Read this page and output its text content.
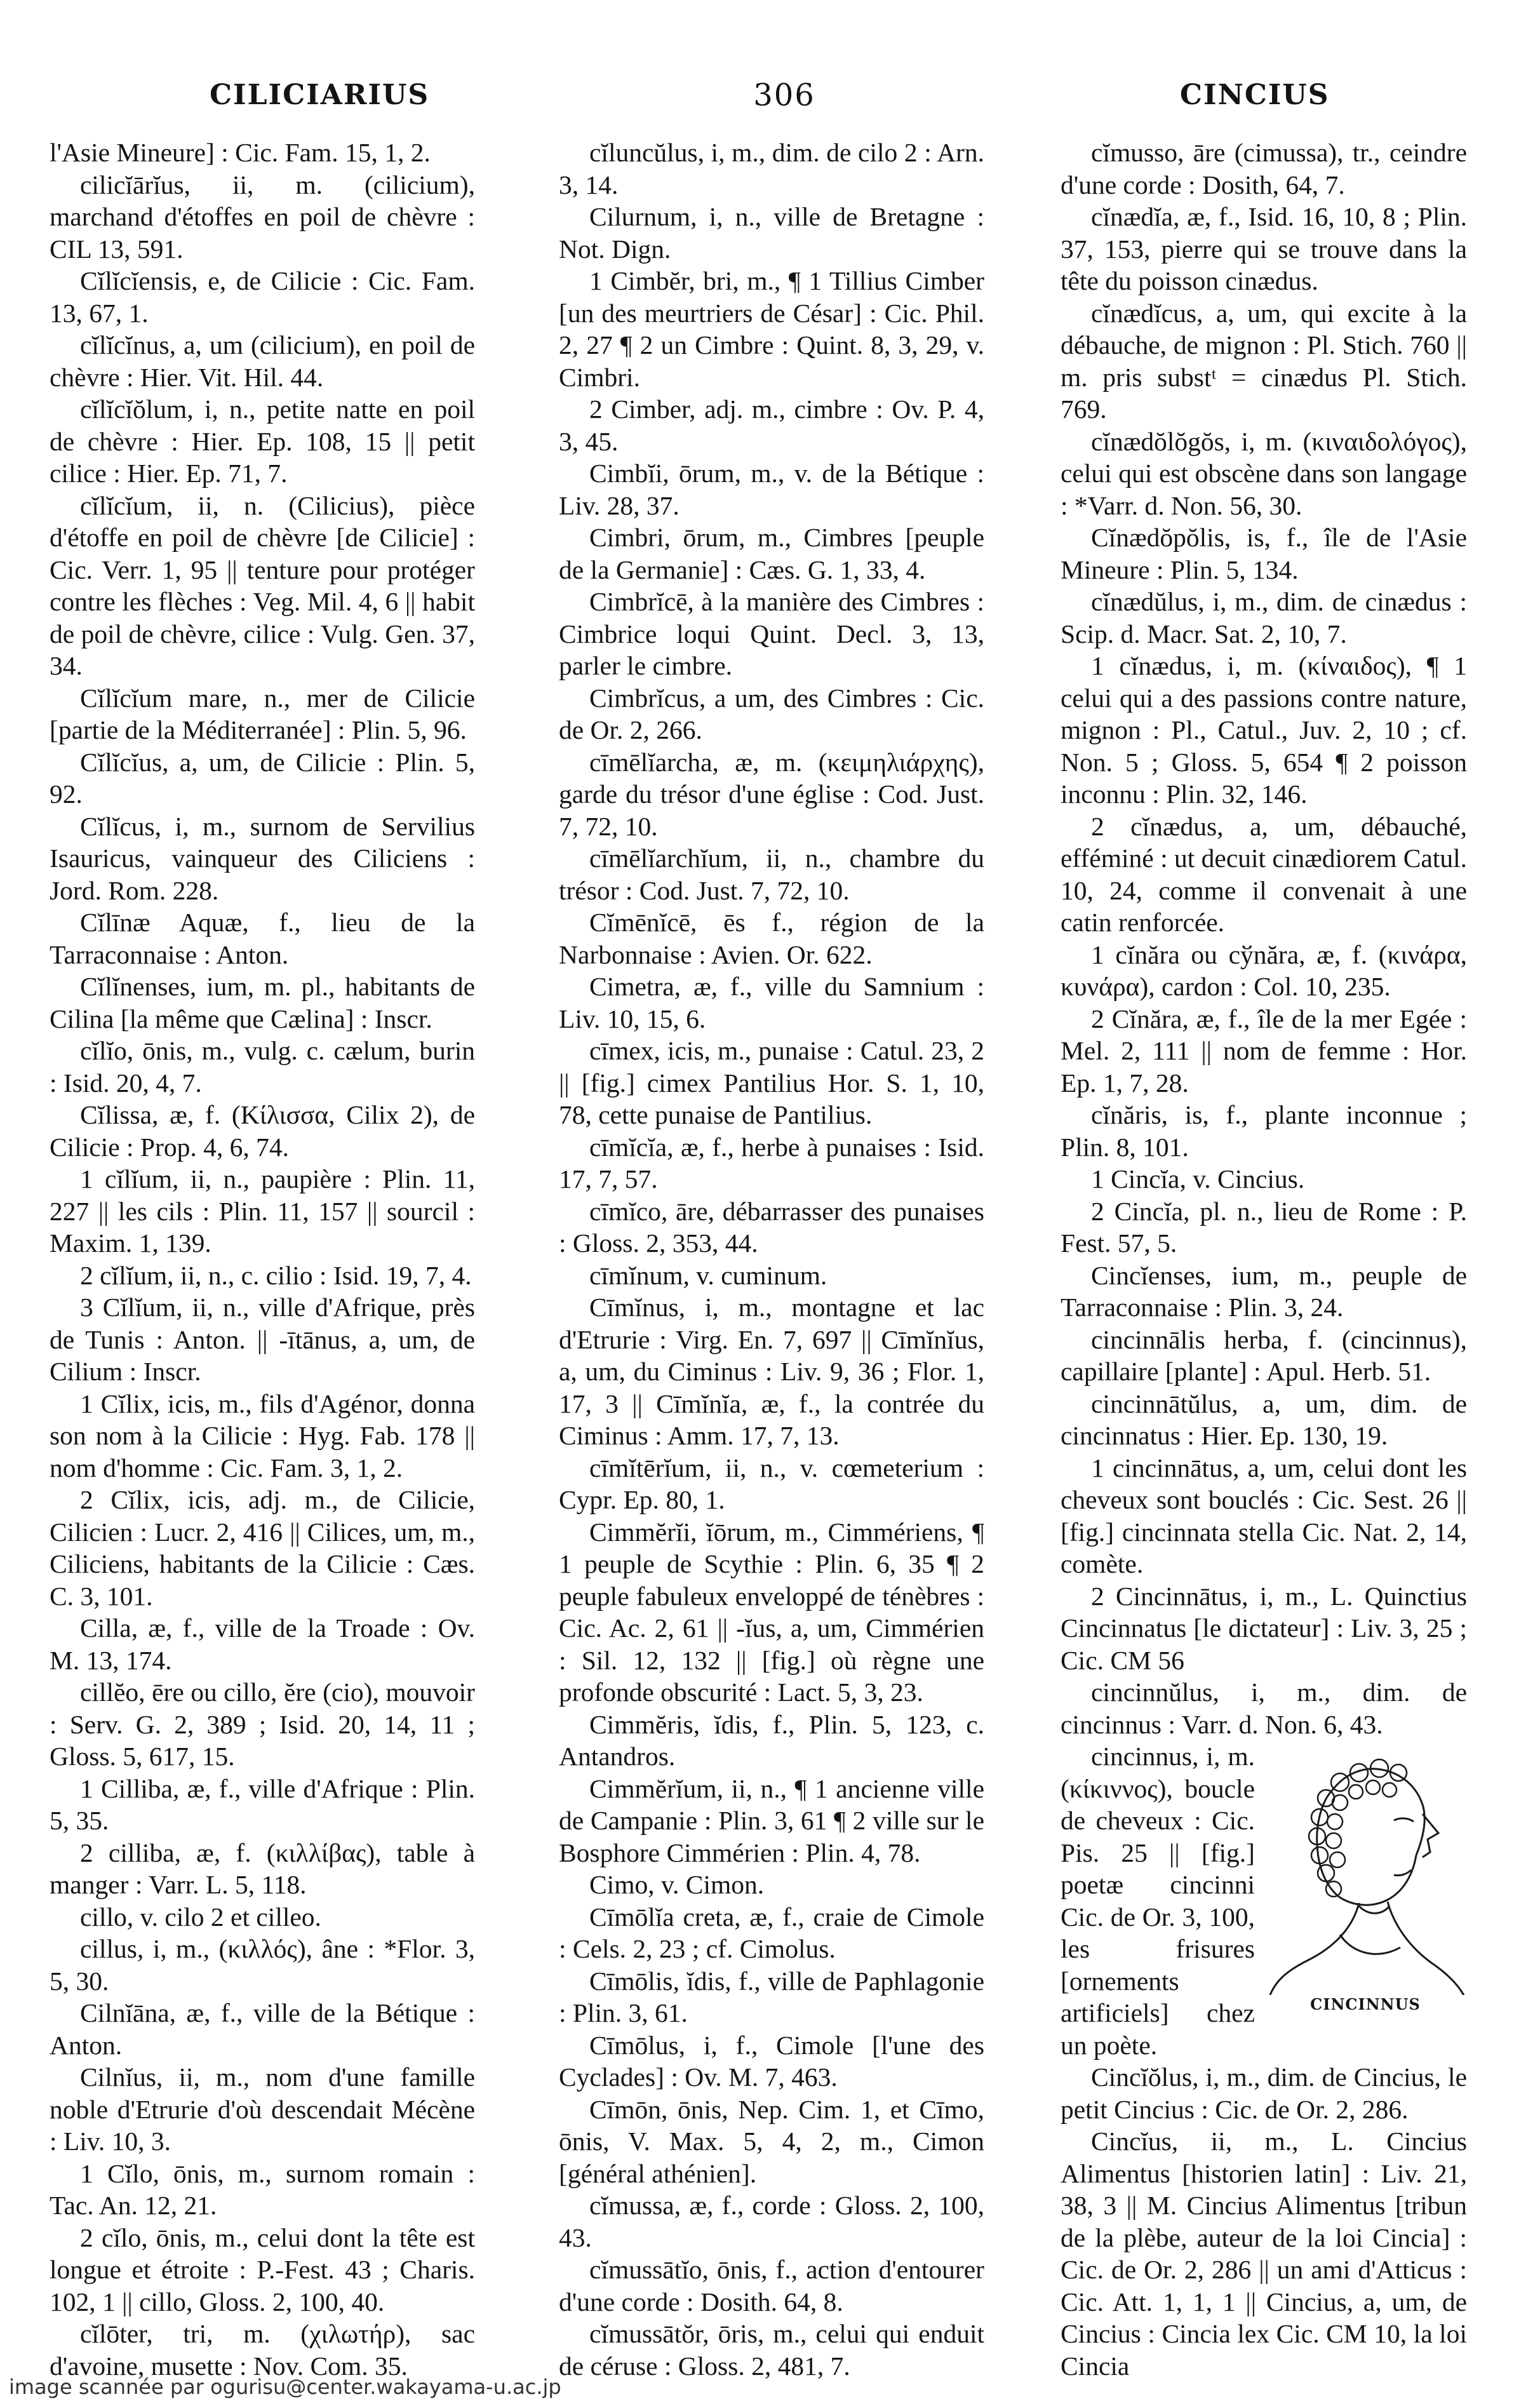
CILICIARIUS	306	CINCIUS

l'Asie Mineure] : Cic. Fam. 15, 1, 2.

cilicĭārĭus, ii, m. (cilicium), marchand d'étoffes en poil de chèvre : CIL 13, 591.

Cĭlĭcĭensis, e, de Cilicie : Cic. Fam. 13, 67, 1.

cĭlĭcĭnus, a, um (cilicium), en poil de chèvre : Hier. Vit. Hil. 44.

cĭlĭcĭŏlum, i, n., petite natte en poil de chèvre : Hier. Ep. 108, 15 || petit cilice : Hier. Ep. 71, 7.

cĭlĭcĭum, ii, n. (Cilicius), pièce d'étoffe en poil de chèvre [de Cilicie] : Cic. Verr. 1, 95 || tenture pour protéger contre les flèches : Veg. Mil. 4, 6 || habit de poil de chèvre, cilice : Vulg. Gen. 37, 34.

Cĭlĭcĭum mare, n., mer de Cilicie [partie de la Méditerranée] : Plin. 5, 96.

Cĭlĭcĭus, a, um, de Cilicie : Plin. 5, 92.

Cĭlĭcus, i, m., surnom de Servilius Isauricus, vainqueur des Ciliciens : Jord. Rom. 228.

Cĭlīnæ Aquæ, f., lieu de la Tarraconnaise : Anton.

Cĭlĭnenses, ium, m. pl., habitants de Cilina [la même que Cælina] : Inscr.

cĭlĭo, ōnis, m., vulg. c. cælum, burin : Isid. 20, 4, 7.

Cĭlissa, æ, f. (Κίλισσα, Cilix 2), de Cilicie : Prop. 4, 6, 74.

1 cĭlĭum, ii, n., paupière : Plin. 11, 227 || les cils : Plin. 11, 157 || sourcil : Maxim. 1, 139.

2 cĭlĭum, ii, n., c. cilio : Isid. 19, 7, 4.

3 Cĭlĭum, ii, n., ville d'Afrique, près de Tunis : Anton. || -ītānus, a, um, de Cilium : Inscr.

1 Cĭlix, icis, m., fils d'Agénor, donna son nom à la Cilicie : Hyg. Fab. 178 || nom d'homme : Cic. Fam. 3, 1, 2.

2 Cĭlix, icis, adj. m., de Cilicie, Cilicien : Lucr. 2, 416 || Cilices, um, m., Ciliciens, habitants de la Cilicie : Cæs. C. 3, 101.

Cilla, æ, f., ville de la Troade : Ov. M. 13, 174.

cillĕo, ēre ou cillo, ĕre (cio), mouvoir : Serv. G. 2, 389 ; Isid. 20, 14, 11 ; Gloss. 5, 617, 15.

1 Cilliba, æ, f., ville d'Afrique : Plin. 5, 35.

2 cilliba, æ, f. (κιλλίβας), table à manger : Varr. L. 5, 118.

cillo, v. cilo 2 et cilleo.

cillus, i, m., (κιλλός), âne : *Flor. 3, 5, 30.

Cilnĭāna, æ, f., ville de la Bétique : Anton.

Cilnĭus, ii, m., nom d'une famille noble d'Etrurie d'où descendait Mécène : Liv. 10, 3.

1 Cĭlo, ōnis, m., surnom romain : Tac. An. 12, 21.

2 cĭlo, ōnis, m., celui dont la tête est longue et étroite : P.-Fest. 43 ; Charis. 102, 1 || cillo, Gloss. 2, 100, 40.

cĭlōter, tri, m. (χιλωτήρ), sac d'avoine, musette : Nov. Com. 35.

cĭluncŭlus, i, m., dim. de cilo 2 : Arn. 3, 14.

Cilurnum, i, n., ville de Bretagne : Not. Dign.

1 Cimbĕr, bri, m., ¶ 1 Tillius Cimber [un des meurtriers de César] : Cic. Phil. 2, 27 ¶ 2 un Cimbre : Quint. 8, 3, 29, v. Cimbri.

2 Cimber, adj. m., cimbre : Ov. P. 4, 3, 45.

Cimbĭi, ōrum, m., v. de la Bétique : Liv. 28, 37.

Cimbri, ōrum, m., Cimbres [peuple de la Germanie] : Cæs. G. 1, 33, 4.

Cimbrĭcē, à la manière des Cimbres : Cimbrice loqui Quint. Decl. 3, 13, parler le cimbre.

Cimbrĭcus, a um, des Cimbres : Cic. de Or. 2, 266.

cīmēlĭarcha, æ, m. (κειμηλιάρχης), garde du trésor d'une église : Cod. Just. 7, 72, 10.

cīmēlĭarchĭum, ii, n., chambre du trésor : Cod. Just. 7, 72, 10.

Cĭmēnĭcē, ēs f., région de la Narbonnaise : Avien. Or. 622.

Cimetra, æ, f., ville du Samnium : Liv. 10, 15, 6.

cīmex, icis, m., punaise : Catul. 23, 2 || [fig.] cimex Pantilius Hor. S. 1, 10, 78, cette punaise de Pantilius.

cīmĭcĭa, æ, f., herbe à punaises : Isid. 17, 7, 57.

cīmĭco, āre, débarrasser des punaises : Gloss. 2, 353, 44.

cīmĭnum, v. cuminum.

Cīmĭnus, i, m., montagne et lac d'Etrurie : Virg. En. 7, 697 || Cīmĭnĭus, a, um, du Ciminus : Liv. 9, 36 ; Flor. 1, 17, 3 || Cīmĭnĭa, æ, f., la contrée du Ciminus : Amm. 17, 7, 13.

cīmĭtērĭum, ii, n., v. cœmeterium : Cypr. Ep. 80, 1.

Cimmĕrĭi, ĭōrum, m., Cimmériens, ¶ 1 peuple de Scythie : Plin. 6, 35 ¶ 2 peuple fabuleux enveloppé de ténèbres : Cic. Ac. 2, 61 || -ĭus, a, um, Cimmérien : Sil. 12, 132 || [fig.] où règne une profonde obscurité : Lact. 5, 3, 23.

Cimmĕris, ĭdis, f., Plin. 5, 123, c. Antandros.

Cimmĕrĭum, ii, n., ¶ 1 ancienne ville de Campanie : Plin. 3, 61 ¶ 2 ville sur le Bosphore Cimmérien : Plin. 4, 78.

Cimo, v. Cimon.

Cīmōlĭa creta, æ, f., craie de Cimole : Cels. 2, 23 ; cf. Cimolus.

Cīmōlis, ĭdis, f., ville de Paphlagonie : Plin. 3, 61.

Cīmōlus, i, f., Cimole [l'une des Cyclades] : Ov. M. 7, 463.

Cīmōn, ōnis, Nep. Cim. 1, et Cīmo, ōnis, V. Max. 5, 4, 2, m., Cimon [général athénien].

cĭmussa, æ, f., corde : Gloss. 2, 100, 43.

cĭmussātĭo, ōnis, f., action d'entourer d'une corde : Dosith. 64, 8.

cĭmussātŏr, ōris, m., celui qui enduit de céruse : Gloss. 2, 481, 7.

cĭmusso, āre (cimussa), tr., ceindre d'une corde : Dosith, 64, 7.

cĭnædĭa, æ, f., Isid. 16, 10, 8 ; Plin. 37, 153, pierre qui se trouve dans la tête du poisson cinædus.

cĭnædĭcus, a, um, qui excite à la débauche, de mignon : Pl. Stich. 760 || m. pris substᵗ = cinædus Pl. Stich. 769.

cĭnædŏlŏgŏs, i, m. (κιναιδολόγος), celui qui est obscène dans son langage : *Varr. d. Non. 56, 30.

Cĭnædŏpŏlis, is, f., île de l'Asie Mineure : Plin. 5, 134.

cĭnædŭlus, i, m., dim. de cinædus : Scip. d. Macr. Sat. 2, 10, 7.

1 cĭnædus, i, m. (κίναιδος), ¶ 1 celui qui a des passions contre nature, mignon : Pl., Catul., Juv. 2, 10 ; cf. Non. 5 ; Gloss. 5, 654 ¶ 2 poisson inconnu : Plin. 32, 146.

2 cĭnædus, a, um, débauché, efféminé : ut decuit cinædiorem Catul. 10, 24, comme il convenait à une catin renforcée.

1 cĭnăra ou cўnăra, æ, f. (κινάρα, κυνάρα), cardon : Col. 10, 235.

2 Cĭnăra, æ, f., île de la mer Egée : Mel. 2, 111 || nom de femme : Hor. Ep. 1, 7, 28.

cĭnăris, is, f., plante inconnue ; Plin. 8, 101.

1 Cincĭa, v. Cincius.

2 Cincĭa, pl. n., lieu de Rome : P. Fest. 57, 5.

Cincĭenses, ium, m., peuple de Tarraconnaise : Plin. 3, 24.

cincinnālis herba, f. (cincinnus), capillaire [plante] : Apul. Herb. 51.

cincinnātŭlus, a, um, dim. de cincinnatus : Hier. Ep. 130, 19.

1 cincinnātus, a, um, celui dont les cheveux sont bouclés : Cic. Sest. 26 || [fig.] cincinnata stella Cic. Nat. 2, 14, comète.

2 Cincinnātus, i, m., L. Quinctius Cincinnatus [le dictateur] : Liv. 3, 25 ; Cic. CM 56

cincinnŭlus, i, m., dim. de cincinnus : Varr. d. Non. 6, 43.

CINCINNUS

cincinnus, i, m. (κίκιννος), boucle de cheveux : Cic. Pis. 25 || [fig.] poetæ cincinni Cic. de Or. 3, 100, les frisures [ornements artificiels] chez un poète.

Cincĭŏlus, i, m., dim. de Cincius, le petit Cincius : Cic. de Or. 2, 286.

Cincĭus, ii, m., L. Cincius Alimentus [historien latin] : Liv. 21, 38, 3 || M. Cincius Alimentus [tribun de la plèbe, auteur de la loi Cincia] : Cic. de Or. 2, 286 || un ami d'Atticus : Cic. Att. 1, 1, 1 || Cincius, a, um, de Cincius : Cincia lex Cic. CM 10, la loi Cincia

image scannée par ogurisu@center.wakayama-u.ac.jp
